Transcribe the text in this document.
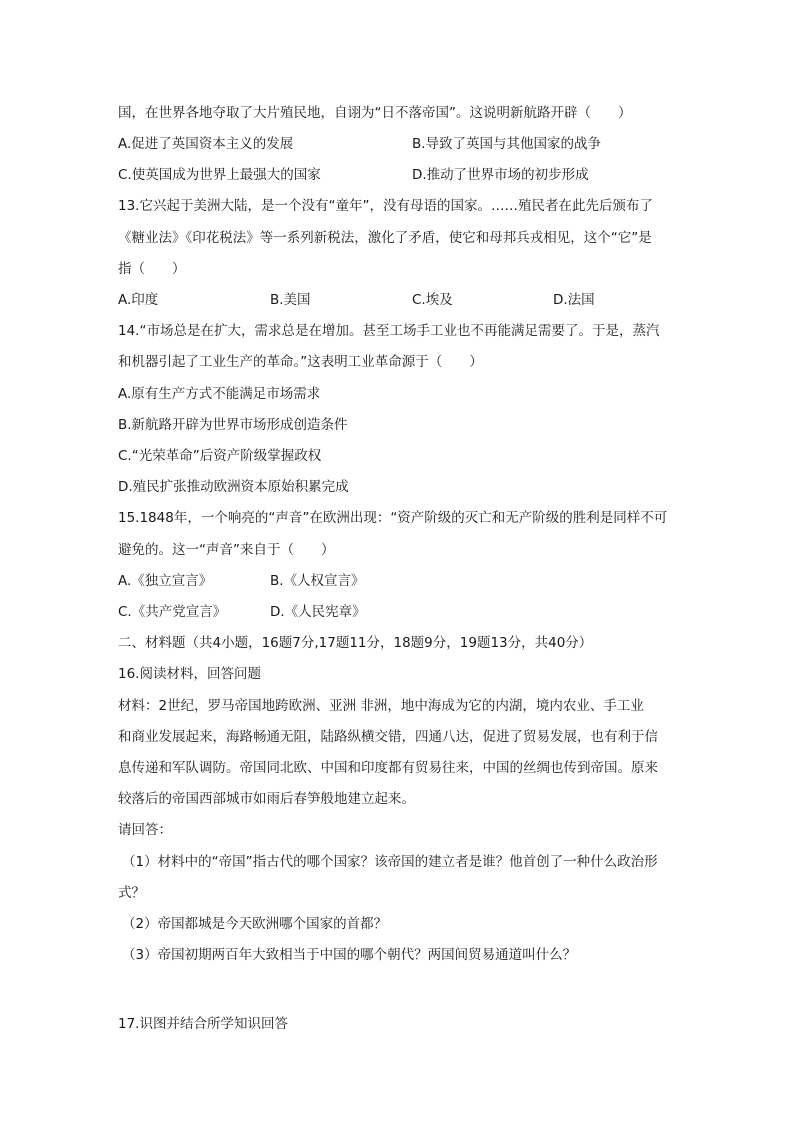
国，在世界各地夺取了大片殖民地，自诩为“日不落帝国”。这说明新航路开辟（　　）
A.促进了英国资本主义的发展	B.导致了英国与其他国家的战争
C.使英国成为世界上最强大的国家	D.推动了世界市场的初步形成
13.它兴起于美洲大陆，是一个没有“童年”，没有母语的国家。……殖民者在此先后颁布了
《糖业法》《印花税法》等一系列新税法，激化了矛盾，使它和母邦兵戎相见，这个“它”是
指（　　）
A.印度	B.美国	C.埃及	D.法国
14.“市场总是在扩大，需求总是在增加。甚至工场手工业也不再能满足需要了。于是，蒸汽
和机器引起了工业生产的革命。”这表明工业革命源于（　　）
A.原有生产方式不能满足市场需求
B.新航路开辟为世界市场形成创造条件
C.“光荣革命”后资产阶级掌握政权
D.殖民扩张推动欧洲资本原始积累完成
15.1848年，一个响亮的“声音”在欧洲出现：“资产阶级的灭亡和无产阶级的胜利是同样不可
避免的。这一“声音”来自于（　　）
A.《独立宣言》	B.《人权宣言》
C.《共产党宣言》	D.《人民宪章》
二、材料题（共4小题，16题7分,17题11分，18题9分，19题13分，共40分）
16.阅读材料，回答问题
材料：2世纪，罗马帝国地跨欧洲、亚洲 非洲，地中海成为它的内湖，境内农业、手工业
和商业发展起来，海路畅通无阻，陆路纵横交错，四通八达，促进了贸易发展，也有利于信
息传递和军队调防。帝国同北欧、中国和印度都有贸易往来，中国的丝绸也传到帝国。原来
较落后的帝国西部城市如雨后春笋般地建立起来。
请回答：
（1）材料中的“帝国”指古代的哪个国家？该帝国的建立者是谁？他首创了一种什么政治形
式？
（2）帝国都城是今天欧洲哪个国家的首都？
（3）帝国初期两百年大致相当于中国的哪个朝代？两国间贸易通道叫什么？
17.识图并结合所学知识回答
